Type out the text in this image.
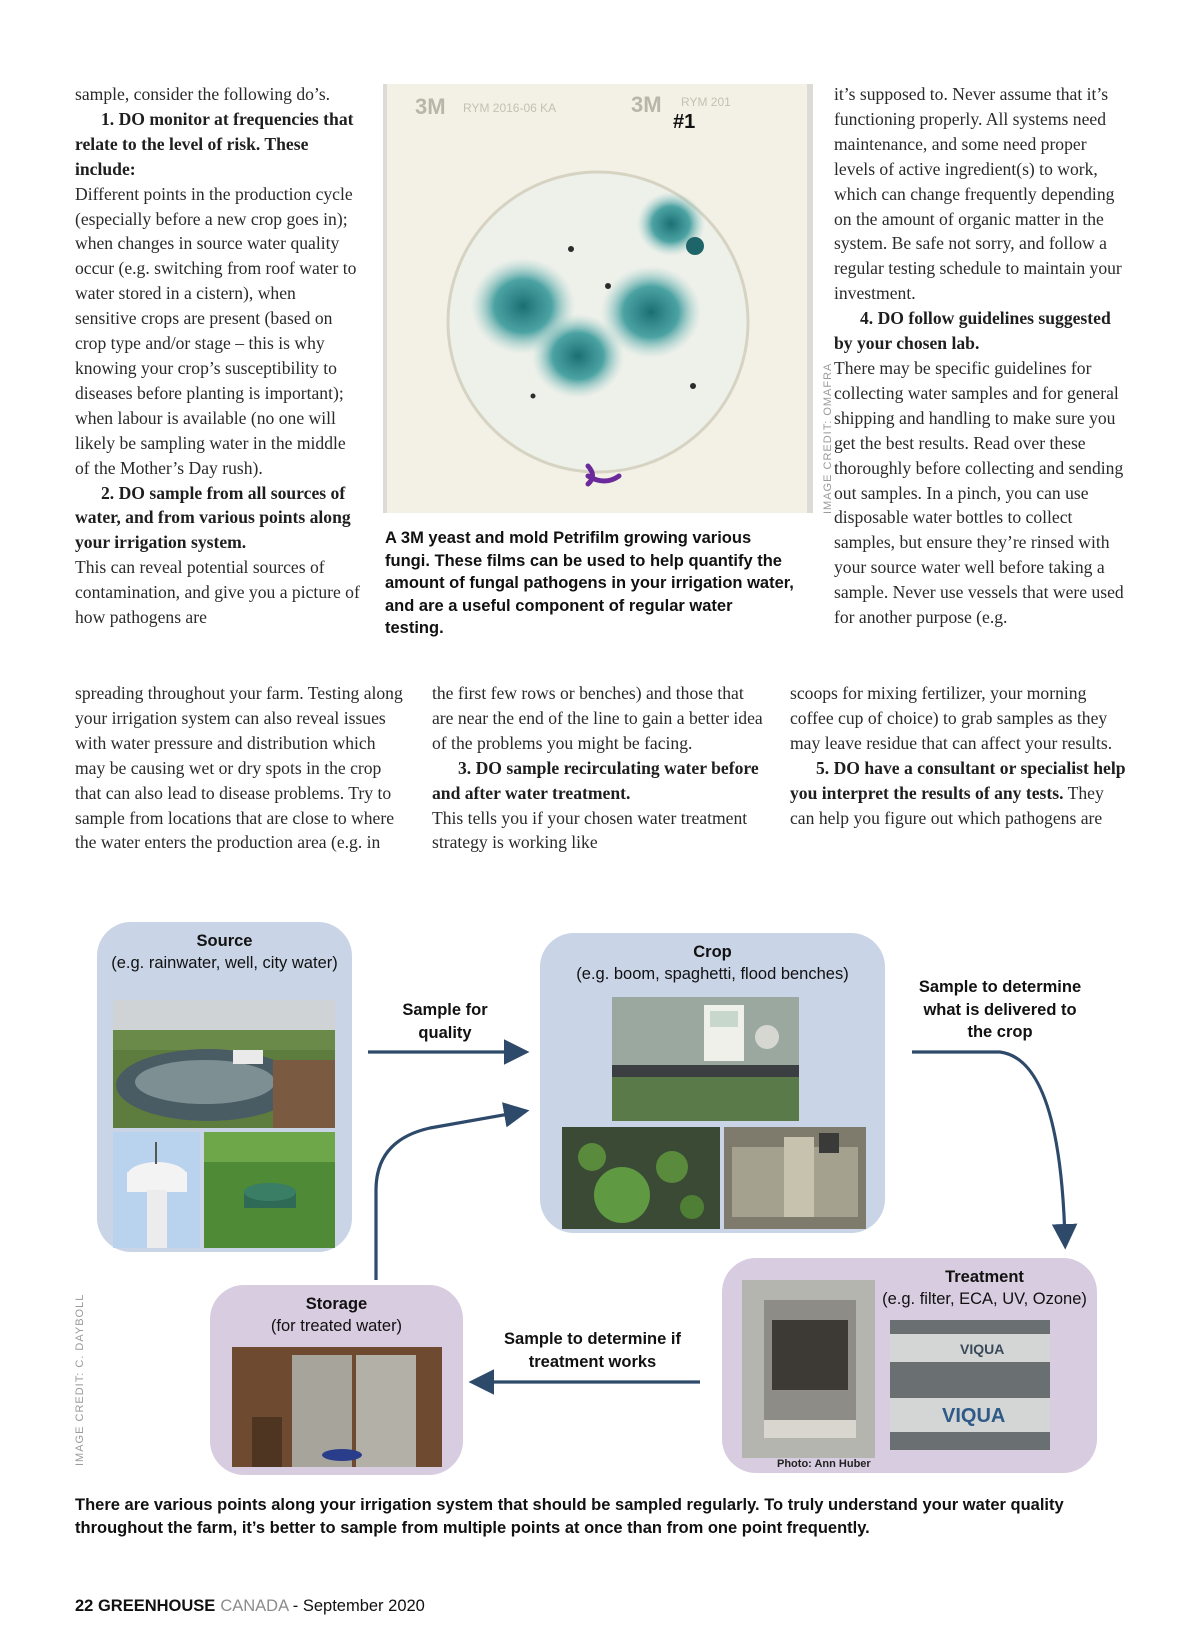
sample, consider the following do’s.

1. DO monitor at frequencies that relate to the level of risk. These include:

Different points in the production cycle (especially before a new crop goes in); when changes in source water quality occur (e.g. switching from roof water to water stored in a cistern), when sensitive crops are present (based on crop type and/or stage – this is why knowing your crop’s susceptibility to diseases before planting is important); when labour is available (no one will likely be sampling water in the middle of the Mother’s Day rush).

2. DO sample from all sources of water, and from various points along your irrigation system.

This can reveal potential sources of contamination, and give you a picture of how pathogens are

spreading throughout your farm. Testing along your irrigation system can also reveal issues with water pressure and distribution which may be causing wet or dry spots in the crop that can also lead to disease problems. Try to sample from locations that are close to where the water enters the production area (e.g. in

the first few rows or benches) and those that are near the end of the line to gain a better idea of the problems you might be facing.

3. DO sample recirculating water before and after water treatment.

This tells you if your chosen water treatment strategy is working like

it’s supposed to. Never assume that it’s functioning properly. All systems need maintenance, and some need proper levels of active ingredient(s) to work, which can change frequently depending on the amount of organic matter in the system. Be safe not sorry, and follow a regular testing schedule to maintain your investment.

4. DO follow guidelines suggested by your chosen lab.

There may be specific guidelines for collecting water samples and for general shipping and handling to make sure you get the best results. Read over these thoroughly before collecting and sending out samples. In a pinch, you can use disposable water bottles to collect samples, but ensure they’re rinsed with your source water well before taking a sample. Never use vessels that were used for another purpose (e.g.

scoops for mixing fertilizer, your morning coffee cup of choice) to grab samples as they may leave residue that can affect your results.

5. DO have a consultant or specialist help you interpret the results of any tests. They can help you figure out which pathogens are

3M RYM 2016-06 KA	3M RYM 201
#1
IMAGE CREDIT: OMAFRA
A 3M yeast and mold Petrifilm growing various fungi. These films can be used to help quantify the amount of fungal pathogens in your irrigation water, and are a useful component of regular water testing.
Source
(e.g. rainwater, well, city water)
Crop
(e.g. boom, spaghetti, flood benches)
Treatment
(e.g. filter, ECA, UV, Ozone)
VIQUA
VIQUA
Photo: Ann Huber
Storage
(for treated water)
Sample for quality
Sample to determine what is delivered to the crop
Sample to determine if treatment works
IMAGE CREDIT: C. DAYBOLL
There are various points along your irrigation system that should be sampled regularly. To truly understand your water quality throughout the farm, it’s better to sample from multiple points at once than from one point frequently.
22 GREENHOUSE CANADA - September 2020
